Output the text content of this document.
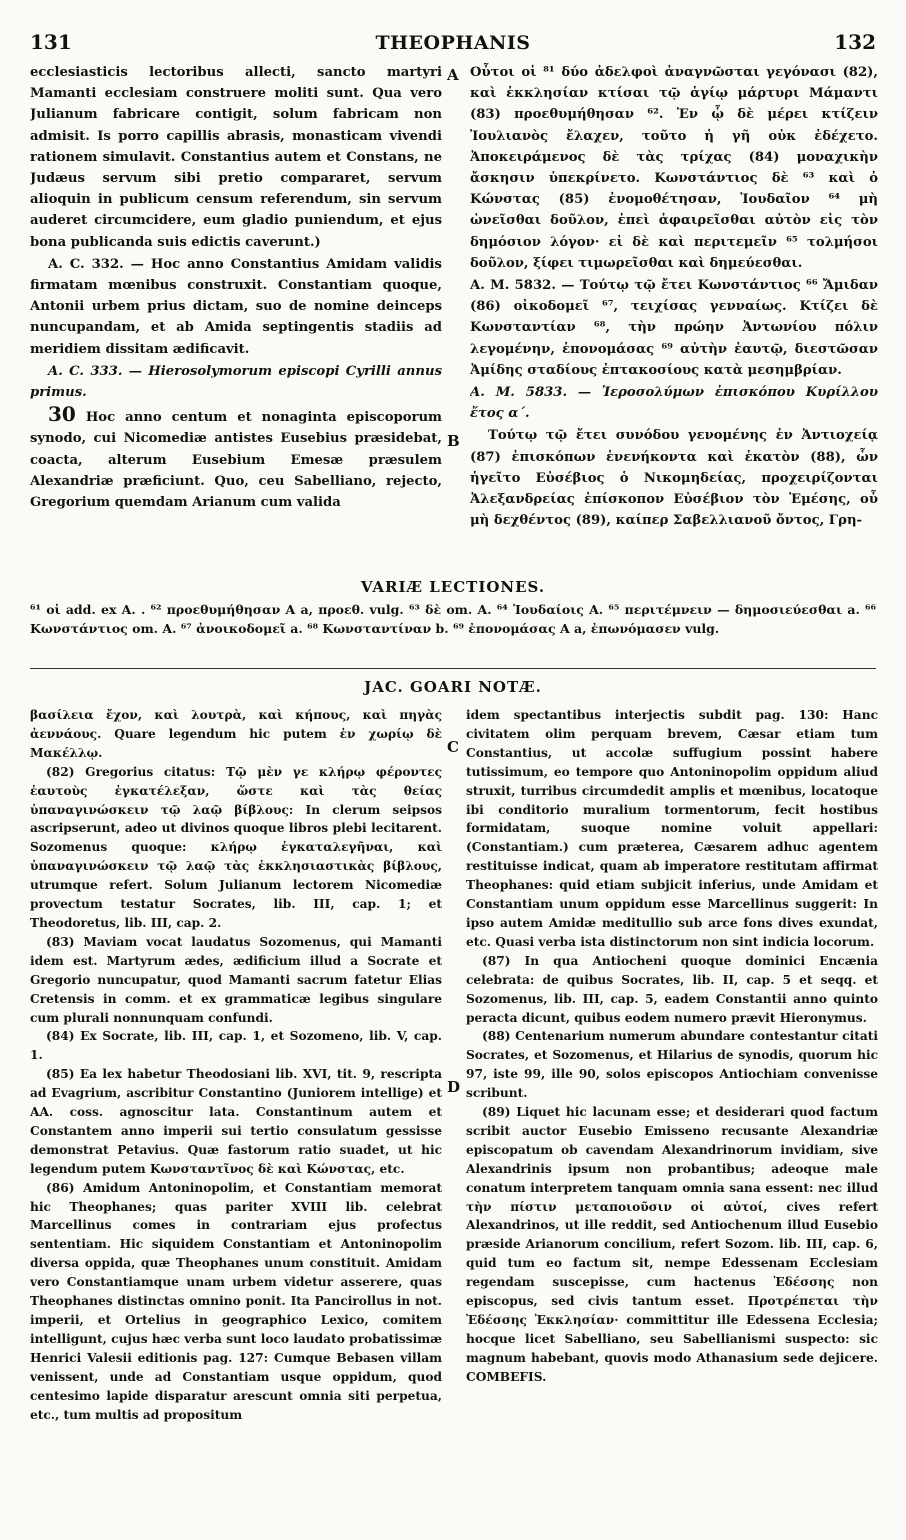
131	THEOPHANIS	132

ecclesiasticis lectoribus allecti, sancto martyri Mamanti ecclesiam construere moliti sunt. Qua vero Julianum fabricare contigit, solum fabricam non admisit. Is porro capillis abrasis, monasticam vivendi rationem simulavit. Constantius autem et Constans, ne Judæus servum sibi pretio compararet, servum alioquin in publicum censum referendum, sin servum auderet circumcidere, eum gladio puniendum, et ejus bona publicanda suis edictis caverunt.)

A. C. 332. — Hoc anno Constantius Amidam validis firmatam mœnibus construxit. Constantiam quoque, Antonii urbem prius dictam, suo de nomine deinceps nuncupandam, et ab Amida septingentis stadiis ad meridiem dissitam ædificavit.

A. C. 333. — Hierosolymorum episcopi Cyrilli annus primus.

30 Hoc anno centum et nonaginta episcoporum synodo, cui Nicomediæ antistes Eusebius præsidebat, coacta, alterum Eusebium Emesæ præsulem Alexandriæ præficiunt. Quo, ceu Sabelliano, rejecto, Gregorium quemdam Arianum cum valida

A
B

Οὗτοι οἱ ⁸¹ δύο ἀδελφοὶ ἀναγνῶσται γεγόνασι (82), καὶ ἐκκλησίαν κτίσαι τῷ ἁγίῳ μάρτυρι Μάμαντι (83) προεθυμήθησαν ⁶². Ἐν ᾧ δὲ μέρει κτίζειν Ἰουλιανὸς ἔλαχεν, τοῦτο ἡ γῆ οὐκ ἐδέχετο. Ἀποκειράμενος δὲ τὰς τρίχας (84) μοναχικὴν ἄσκησιν ὑπεκρίνετο. Κωνστάντιος δὲ ⁶³ καὶ ὁ Κώνστας (85) ἐνομοθέτησαν, Ἰουδαῖον ⁶⁴ μὴ ὠνεῖσθαι δοῦλον, ἐπεὶ ἀφαιρεῖσθαι αὐτὸν εἰς τὸν δημόσιον λόγον· εἰ δὲ καὶ περιτεμεῖν ⁶⁵ τολμήσοι δοῦλον, ξίφει τιμωρεῖσθαι καὶ δημεύεσθαι.

A. M. 5832. — Τούτῳ τῷ ἔτει Κωνστάντιος ⁶⁶ Ἄμιδαν (86) οἰκοδομεῖ ⁶⁷, τειχίσας γενναίως. Κτίζει δὲ Κωνσταντίαν ⁶⁸, τὴν πρώην Ἀντωνίου πόλιν λεγομένην, ἐπονομάσας ⁶⁹ αὐτὴν ἑαυτῷ, διεστῶσαν Ἀμίδης σταδίους ἑπτακοσίους κατὰ μεσημβρίαν.

A. M. 5833. — Ἱεροσολύμων ἐπισκόπου Κυρίλλου ἔτος α΄.

Τούτῳ τῷ ἔτει συνόδου γενομένης ἐν Ἀντιοχείᾳ (87) ἐπισκόπων ἐνενήκοντα καὶ ἑκατὸν (88), ὧν ἡγεῖτο Εὐσέβιος ὁ Νικομηδείας, προχειρίζονται Ἀλεξανδρείας ἐπίσκοπον Εὐσέβιον τὸν Ἐμέσης, οὗ μὴ δεχθέντος (89), καίπερ Σαβελλιανοῦ ὄντος, Γρη-

VARIÆ LECTIONES.
⁶¹ οἱ add. ex A. . ⁶² προεθυμήθησαν A a, προεθ. vulg. ⁶³ δὲ om. A. ⁶⁴ Ἰουδαίοις A. ⁶⁵ περιτέμνειν — δημοσιεύεσθαι a. ⁶⁶ Κωνστάντιος om. A. ⁶⁷ ἀνοικοδομεῖ a. ⁶⁸ Κωνσταντίναν b. ⁶⁹ ἐπονομάσας A a, ἐπωνόμασεν vulg.
JAC. GOARI NOTÆ.

βασίλεια ἔχον, καὶ λουτρὰ, καὶ κήπους, καὶ πηγὰς ἀεννάους. Quare legendum hic putem ἐν χωρίῳ δὲ Μακέλλῳ.

(82) Gregorius citatus: Τῷ μὲν γε κλήρῳ φέροντες ἑαυτοὺς ἐγκατέλεξαν, ὥστε καὶ τὰς θείας ὑπαναγινώσκειν τῷ λαῷ βίβλους: In clerum seipsos ascripserunt, adeo ut divinos quoque libros plebi lecitarent. Sozomenus quoque: κλήρῳ ἐγκαταλεγῆναι, καὶ ὑπαναγινώσκειν τῷ λαῷ τὰς ἐκκλησιαστικὰς βίβλους, utrumque refert. Solum Julianum lectorem Nicomediæ provectum testatur Socrates, lib. III, cap. 1; et Theodoretus, lib. III, cap. 2.

(83) Maviam vocat laudatus Sozomenus, qui Mamanti idem est. Martyrum ædes, ædificium illud a Socrate et Gregorio nuncupatur, quod Mamanti sacrum fatetur Elias Cretensis in comm. et ex grammaticæ legibus singulare cum plurali nonnunquam confundi.

(84) Ex Socrate, lib. III, cap. 1, et Sozomeno, lib. V, cap. 1.

(85) Ea lex habetur Theodosiani lib. XVI, tit. 9, rescripta ad Evagrium, ascribitur Constantino (Juniorem intellige) et AA. coss. agnoscitur lata. Constantinum autem et Constantem anno imperii sui tertio consulatum gessisse demonstrat Petavius. Quæ fastorum ratio suadet, ut hic legendum putem Κωνσταντῖνος δὲ καὶ Κώνστας, etc.

(86) Amidum Antoninopolim, et Constantiam memorat hic Theophanes; quas pariter XVIII lib. celebrat Marcellinus comes in contrariam ejus profectus sententiam. Hic siquidem Constantiam et Antoninopolim diversa oppida, quæ Theophanes unum constituit. Amidam vero Constantiamque unam urbem videtur asserere, quas Theophanes distinctas omnino ponit. Ita Pancirollus in not. imperii, et Ortelius in geographico Lexico, comitem intelligunt, cujus hæc verba sunt loco laudato probatissimæ Henrici Valesii editionis pag. 127: Cumque Bebasen villam venissent, unde ad Constantiam usque oppidum, quod centesimo lapide disparatur arescunt omnia siti perpetua, etc., tum multis ad propositum

C
D

idem spectantibus interjectis subdit pag. 130: Hanc civitatem olim perquam brevem, Cæsar etiam tum Constantius, ut accolæ suffugium possint habere tutissimum, eo tempore quo Antoninopolim oppidum aliud struxit, turribus circumdedit amplis et mœnibus, locatoque ibi conditorio muralium tormentorum, fecit hostibus formidatam, suoque nomine voluit appellari: (Constantiam.) cum præterea, Cæsarem adhuc agentem restituisse indicat, quam ab imperatore restitutam affirmat Theophanes: quid etiam subjicit inferius, unde Amidam et Constantiam unum oppidum esse Marcellinus suggerit: In ipso autem Amidæ meditullio sub arce fons dives exundat, etc. Quasi verba ista distinctorum non sint indicia locorum.

(87) In qua Antiocheni quoque dominici Encænia celebrata: de quibus Socrates, lib. II, cap. 5 et seqq. et Sozomenus, lib. III, cap. 5, eadem Constantii anno quinto peracta dicunt, quibus eodem numero prævit Hieronymus.

(88) Centenarium numerum abundare contestantur citati Socrates, et Sozomenus, et Hilarius de synodis, quorum hic 97, iste 99, ille 90, solos episcopos Antiochiam convenisse scribunt.

(89) Liquet hic lacunam esse; et desiderari quod factum scribit auctor Eusebio Emisseno recusante Alexandriæ episcopatum ob cavendam Alexandrinorum invidiam, sive Alexandrinis ipsum non probantibus; adeoque male conatum interpretem tanquam omnia sana essent: nec illud τὴν πίστιν μεταποιοῦσιν οἱ αὐτοί, cives refert Alexandrinos, ut ille reddit, sed Antiochenum illud Eusebio præside Arianorum concilium, refert Sozom. lib. III, cap. 6, quid tum eo factum sit, nempe Edessenam Ecclesiam regendam suscepisse, cum hactenus Ἐδέσσης non episcopus, sed civis tantum esset. Προτρέπεται τὴν Ἐδέσσης Ἐκκλησίαν· committitur ille Edessena Ecclesia; hocque licet Sabelliano, seu Sabellianismi suspecto: sic magnum habebant, quovis modo Athanasium sede dejicere. COMBEFIS.
